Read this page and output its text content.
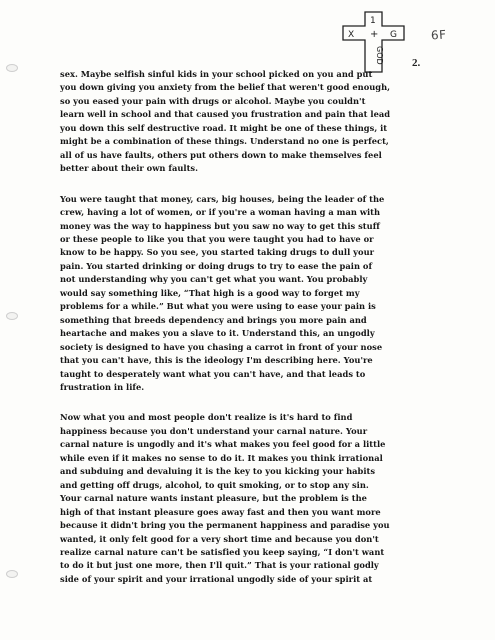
1
X + G
GOD
6F
2.

sex. Maybe selfish sinful kids in your school picked on you and put
you down giving you anxiety from the belief that weren't good enough,
so you eased your pain with drugs or alcohol. Maybe you couldn't
learn well in school and that caused you frustration and pain that lead
you down this self destructive road. It might be one of these things, it
might be a combination of these things. Understand no one is perfect,
all of us have faults, others put others down to make themselves feel
better about their own faults.

You were taught that money, cars, big houses, being the leader of the
crew, having a lot of women, or if you're a woman having a man with
money was the way to happiness but you saw no way to get this stuff
or these people to like you that you were taught you had to have or
know to be happy. So you see, you started taking drugs to dull your
pain. You started drinking or doing drugs to try to ease the pain of
not understanding why you can't get what you want. You probably
would say something like, “That high is a good way to forget my
problems for a while.” But what you were using to ease your pain is
something that breeds dependency and brings you more pain and
heartache and makes you a slave to it. Understand this, an ungodly
society is designed to have you chasing a carrot in front of your nose
that you can't have, this is the ideology I'm describing here. You're
taught to desperately want what you can't have, and that leads to
frustration in life.

Now what you and most people don't realize is it's hard to find
happiness because you don't understand your carnal nature. Your
carnal nature is ungodly and it's what makes you feel good for a little
while even if it makes no sense to do it. It makes you think irrational
and subduing and devaluing it is the key to you kicking your habits
and getting off drugs, alcohol, to quit smoking, or to stop any sin.
Your carnal nature wants instant pleasure, but the problem is the
high of that instant pleasure goes away fast and then you want more
because it didn't bring you the permanent happiness and paradise you
wanted, it only felt good for a very short time and because you don't
realize carnal nature can't be satisfied you keep saying, “I don't want
to do it but just one more, then I'll quit.” That is your rational godly
side of your spirit and your irrational ungodly side of your spirit at
